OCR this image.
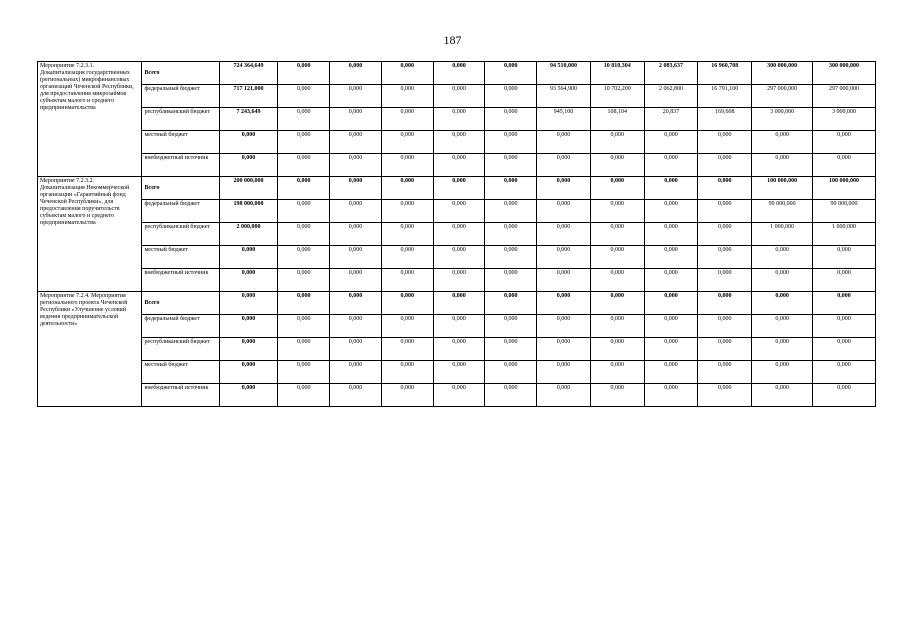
187
Мероприятие 7.2.3.1. Докапитализация государственных (региональных) микрофинансовых организаций Чеченской Республики, для предоставления микрозаймов субъектам малого и среднего предпринимательства	Всего	724 364,649	0,000	0,000	0,000	0,000	0,000	94 510,000	10 810,304	2 083,637	16 960,708	300 000,000	300 000,000
	федеральный бюджет	717 121,000	0,000	0,000	0,000	0,000	0,000	93 564,900	10 702,200	2 062,800	16 791,100	297 000,000	297 000,000
	республиканский бюджет	7 243,649	0,000	0,000	0,000	0,000	0,000	945,100	108,104	20,837	169,608	3 000,000	3 000,000
	местный бюджет	0,000	0,000	0,000	0,000	0,000	0,000	0,000	0,000	0,000	0,000	0,000	0,000
	внебюджетный источник	0,000	0,000	0,000	0,000	0,000	0,000	0,000	0,000	0,000	0,000	0,000	0,000
Мероприятие 7.2.3.2. Докапитализация Некоммерческой организации «Гарантийный фонд Чеченской Республики», для предоставления поручительств субъектам малого и среднего предпринимательства	Всего	200 000,000	0,000	0,000	0,000	0,000	0,000	0,000	0,000	0,000	0,000	100 000,000	100 000,000
	федеральный бюджет	198 000,000	0,000	0,000	0,000	0,000	0,000	0,000	0,000	0,000	0,000	99 000,000	99 000,000
	республиканский бюджет	2 000,000	0,000	0,000	0,000	0,000	0,000	0,000	0,000	0,000	0,000	1 000,000	1 000,000
	местный бюджет	0,000	0,000	0,000	0,000	0,000	0,000	0,000	0,000	0,000	0,000	0,000	0,000
	внебюджетный источник	0,000	0,000	0,000	0,000	0,000	0,000	0,000	0,000	0,000	0,000	0,000	0,000
Мероприятие 7.2.4. Мероприятия регионального проекта Чеченской Республики «Улучшение условий ведения предпринимательской деятельности»	Всего	0,000	0,000	0,000	0,000	0,000	0,000	0,000	0,000	0,000	0,000	0,000	0,000
	федеральный бюджет	0,000	0,000	0,000	0,000	0,000	0,000	0,000	0,000	0,000	0,000	0,000	0,000
	республиканский бюджет	0,000	0,000	0,000	0,000	0,000	0,000	0,000	0,000	0,000	0,000	0,000	0,000
	местный бюджет	0,000	0,000	0,000	0,000	0,000	0,000	0,000	0,000	0,000	0,000	0,000	0,000
	внебюджетный источник	0,000	0,000	0,000	0,000	0,000	0,000	0,000	0,000	0,000	0,000	0,000	0,000
